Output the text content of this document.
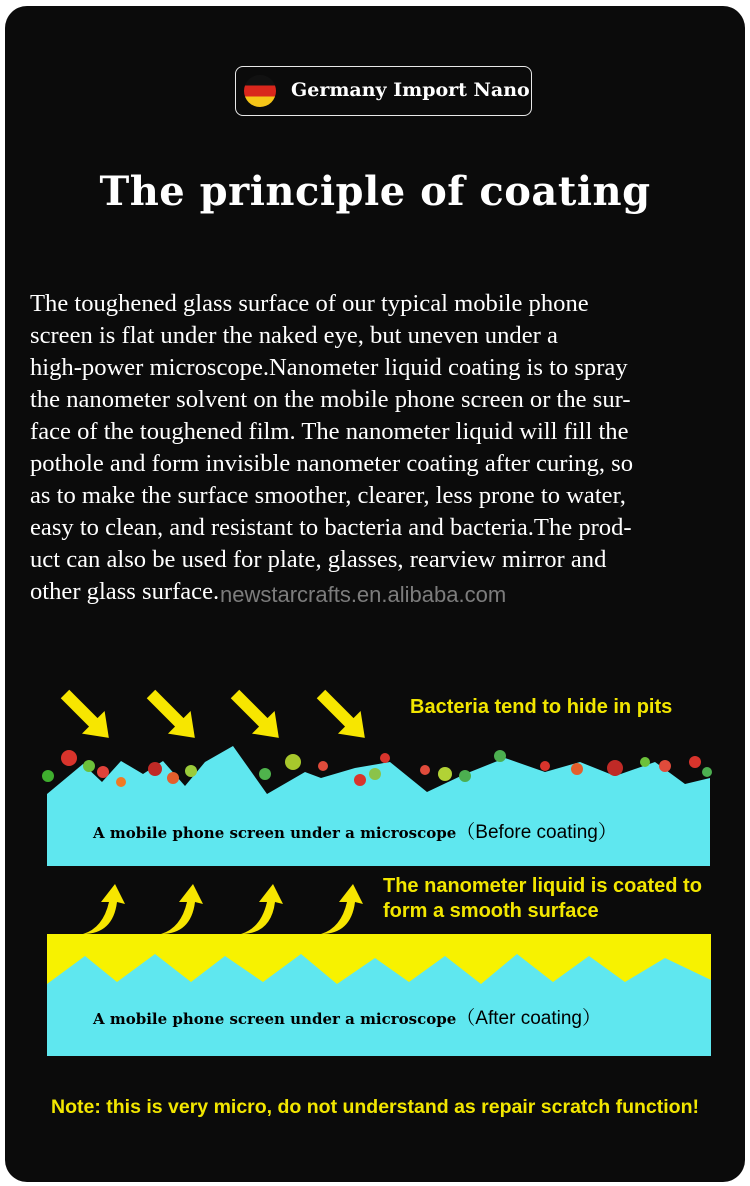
Germany Import Nano
The principle of coating
The toughened glass surface of our typical mobile phone
screen is flat under the naked eye, but uneven under a
high-power microscope.Nanometer liquid coating is to spray
the nanometer solvent on the mobile phone screen or the sur-
face of the toughened film. The nanometer liquid will fill the
pothole and form invisible nanometer coating after curing, so
as to make the surface smoother, clearer, less prone to water,
easy to clean, and resistant to bacteria and bacteria.The prod-
uct can also be used for plate, glasses, rearview mirror and
other glass surface. newstarcrafts.en.alibaba.com
Bacteria tend to hide in pits
A mobile phone screen under a microscope（Before coating）
The nanometer liquid is coated to
form a smooth surface
A mobile phone screen under a microscope（After coating）
Note: this is very micro, do not understand as repair scratch function!
